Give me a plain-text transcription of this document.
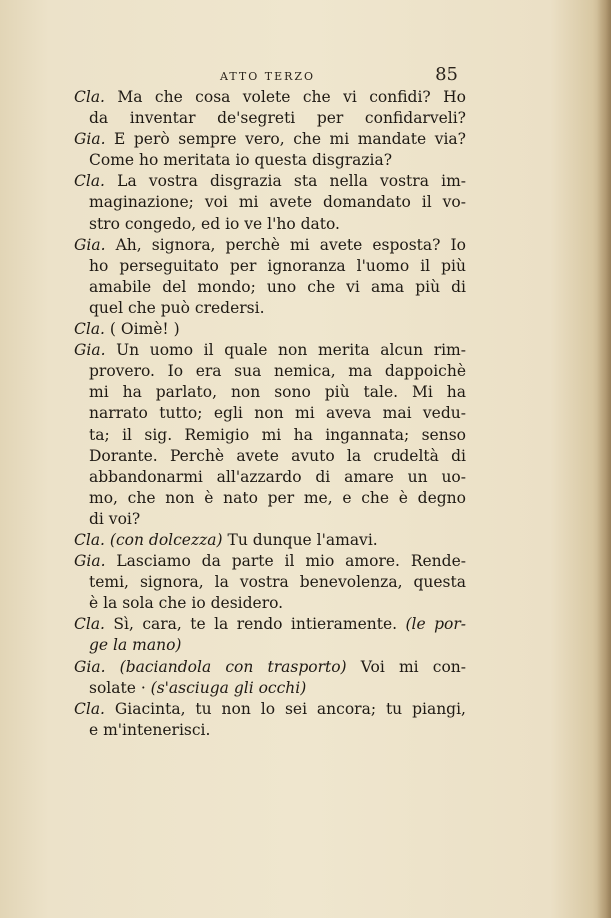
ATTO TERZO	85
Cla. Ma che cosa volete che vi confidi? Ho
da inventar de'segreti per confidarveli?
Gia. E però sempre vero, che mi mandate via?
Come ho meritata io questa disgrazia?
Cla. La vostra disgrazia sta nella vostra im-
maginazione; voi mi avete domandato il vo-
stro congedo, ed io ve l'ho dato.
Gia. Ah, signora, perchè mi avete esposta? Io
ho perseguitato per ignoranza l'uomo il più
amabile del mondo; uno che vi ama più di
quel che può credersi.
Cla. ( Oimè! )
Gia. Un uomo il quale non merita alcun rim-
provero. Io era sua nemica, ma dappoichè
mi ha parlato, non sono più tale. Mi ha
narrato tutto; egli non mi aveva mai vedu-
ta; il sig. Remigio mi ha ingannata; senso
Dorante. Perchè avete avuto la crudeltà di
abbandonarmi all'azzardo di amare un uo-
mo, che non è nato per me, e che è degno
di voi?
Cla. (con dolcezza) Tu dunque l'amavi.
Gia. Lasciamo da parte il mio amore. Rende-
temi, signora, la vostra benevolenza, questa
è la sola che io desidero.
Cla. Sì, cara, te la rendo intieramente. (le por-
ge la mano)
Gia. (baciandola con trasporto) Voi mi con-
solate · (s'asciuga gli occhi)
Cla. Giacinta, tu non lo sei ancora; tu piangi,
e m'intenerisci.
